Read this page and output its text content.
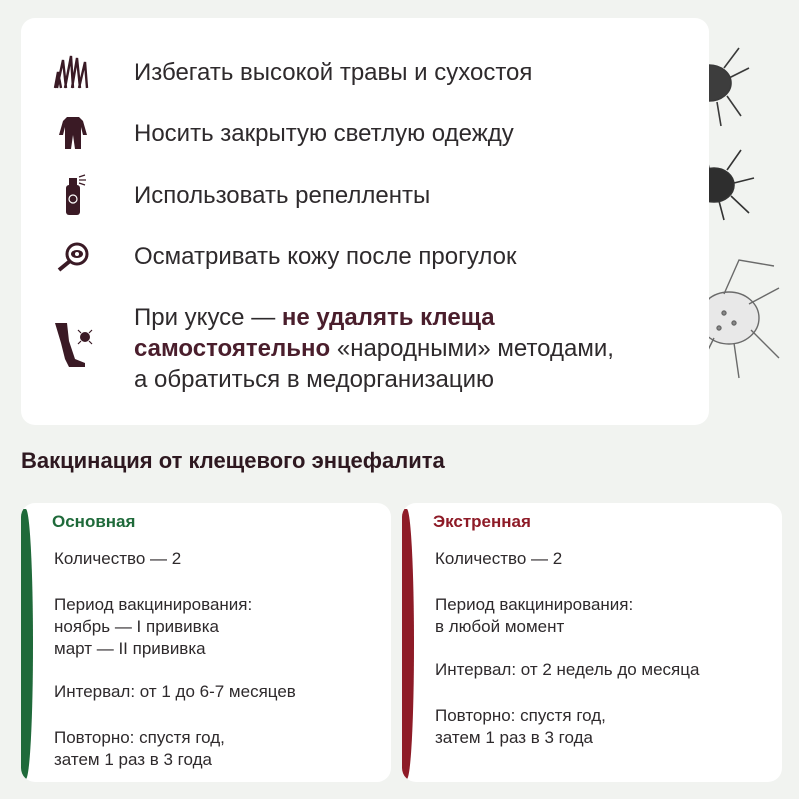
Избегать высокой травы и сухостоя
Носить закрытую светлую одежду
Использовать репелленты
Осматривать кожу после прогулок
При укусе — не удалять клеща
самостоятельно «народными» методами,
а обратиться в медорганизацию
Вакцинация от клещевого энцефалита
Основная
Количество — 2
Период вакцинирования:
ноябрь — I прививка
март — II прививка
Интервал: от 1 до 6-7 месяцев
Повторно: спустя год,
затем 1 раз в 3 года
Экстренная
Количество — 2
Период вакцинирования:
в любой момент
Интервал: от 2 недель до месяца
Повторно: спустя год,
затем 1 раз в 3 года
